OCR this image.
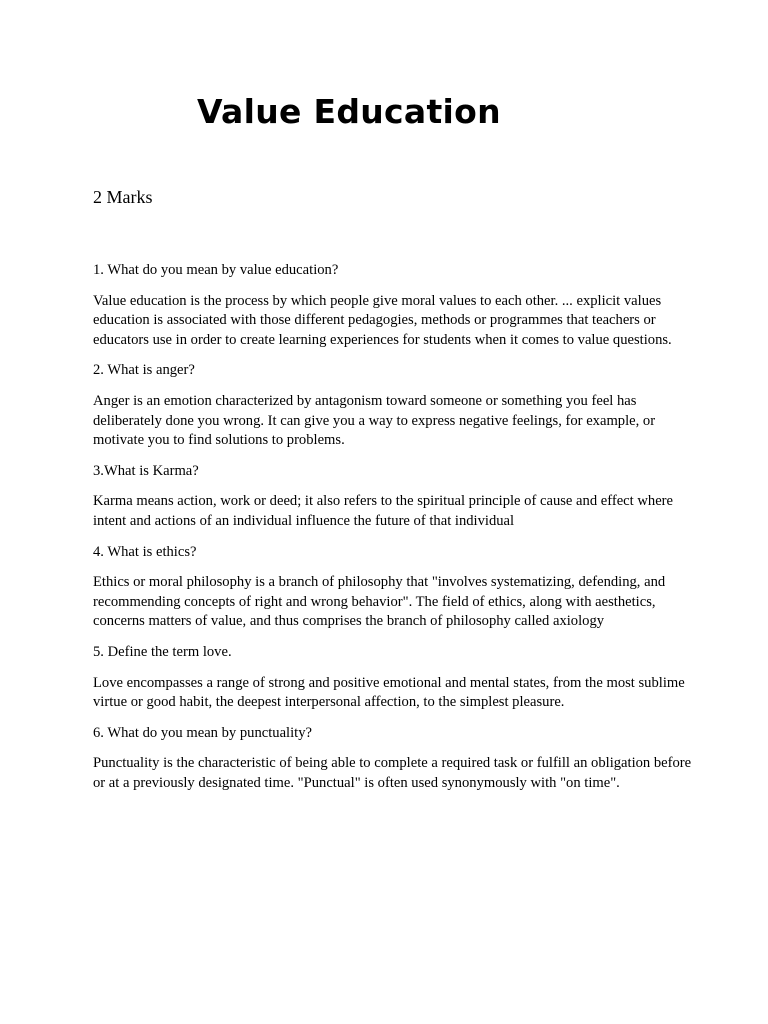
Value Education

2 Marks

1. What do you mean by value education?

Value education is the process by which people give moral values to each other. ... explicit values education is associated with those different pedagogies, methods or programmes that teachers or educators use in order to create learning experiences for students when it comes to value questions.

2. What is anger?

Anger is an emotion characterized by antagonism toward someone or something you feel has deliberately done you wrong. It can give you a way to express negative feelings, for example, or motivate you to find solutions to problems.

3.What is Karma?

Karma means action, work or deed; it also refers to the spiritual principle of cause and effect where intent and actions of an individual influence the future of that individual

4. What is ethics?

Ethics or moral philosophy is a branch of philosophy that "involves systematizing, defending, and recommending concepts of right and wrong behavior". The field of ethics, along with aesthetics, concerns matters of value, and thus comprises the branch of philosophy called axiology

5. Define the term love.

Love encompasses a range of strong and positive emotional and mental states, from the most sublime virtue or good habit, the deepest interpersonal affection, to the simplest pleasure.

6. What do you mean by punctuality?

Punctuality is the characteristic of being able to complete a required task or fulfill an obligation before or at a previously designated time. "Punctual" is often used synonymously with "on time".
